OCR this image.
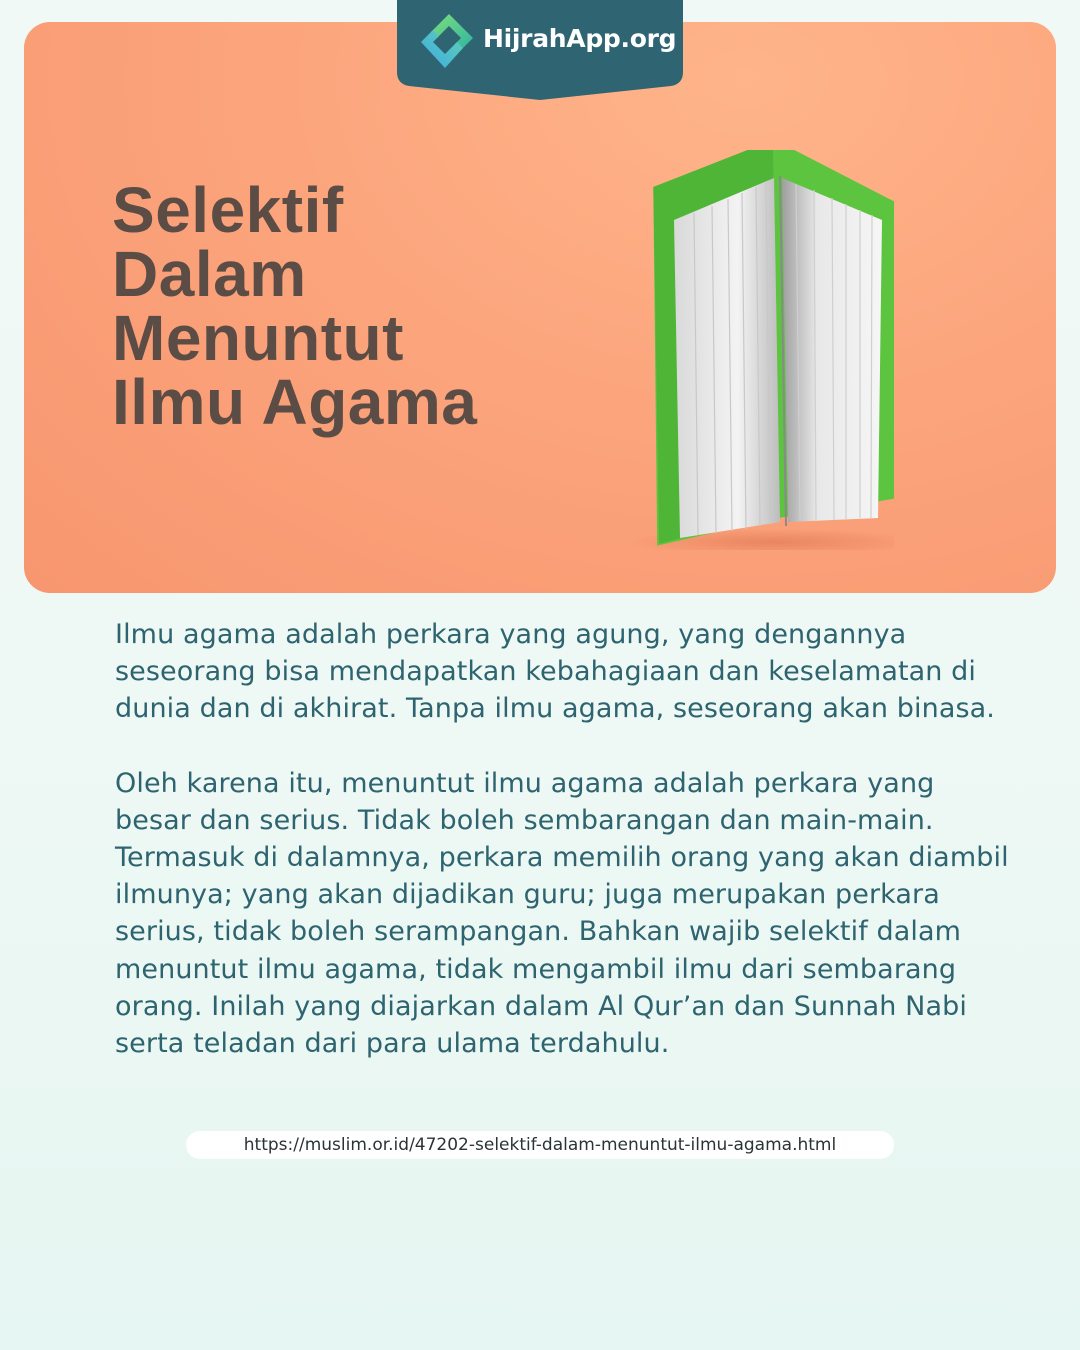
Selektif
Dalam
Menuntut
Ilmu Agama
HijrahApp.org

Ilmu agama adalah perkara yang agung, yang dengannya seseorang bisa mendapatkan kebahagiaan dan keselamatan di dunia dan di akhirat. Tanpa ilmu agama, seseorang akan binasa.

Oleh karena itu, menuntut ilmu agama adalah perkara yang besar dan serius. Tidak boleh sembarangan dan main-main. Termasuk di dalamnya, perkara memilih orang yang akan diambil ilmunya; yang akan dijadikan guru; juga merupakan perkara serius, tidak boleh serampangan. Bahkan wajib selektif dalam menuntut ilmu agama, tidak mengambil ilmu dari sembarang orang. Inilah yang diajarkan dalam Al Qur’an dan Sunnah Nabi serta teladan dari para ulama terdahulu.

https://muslim.or.id/47202-selektif-dalam-menuntut-ilmu-agama.html
